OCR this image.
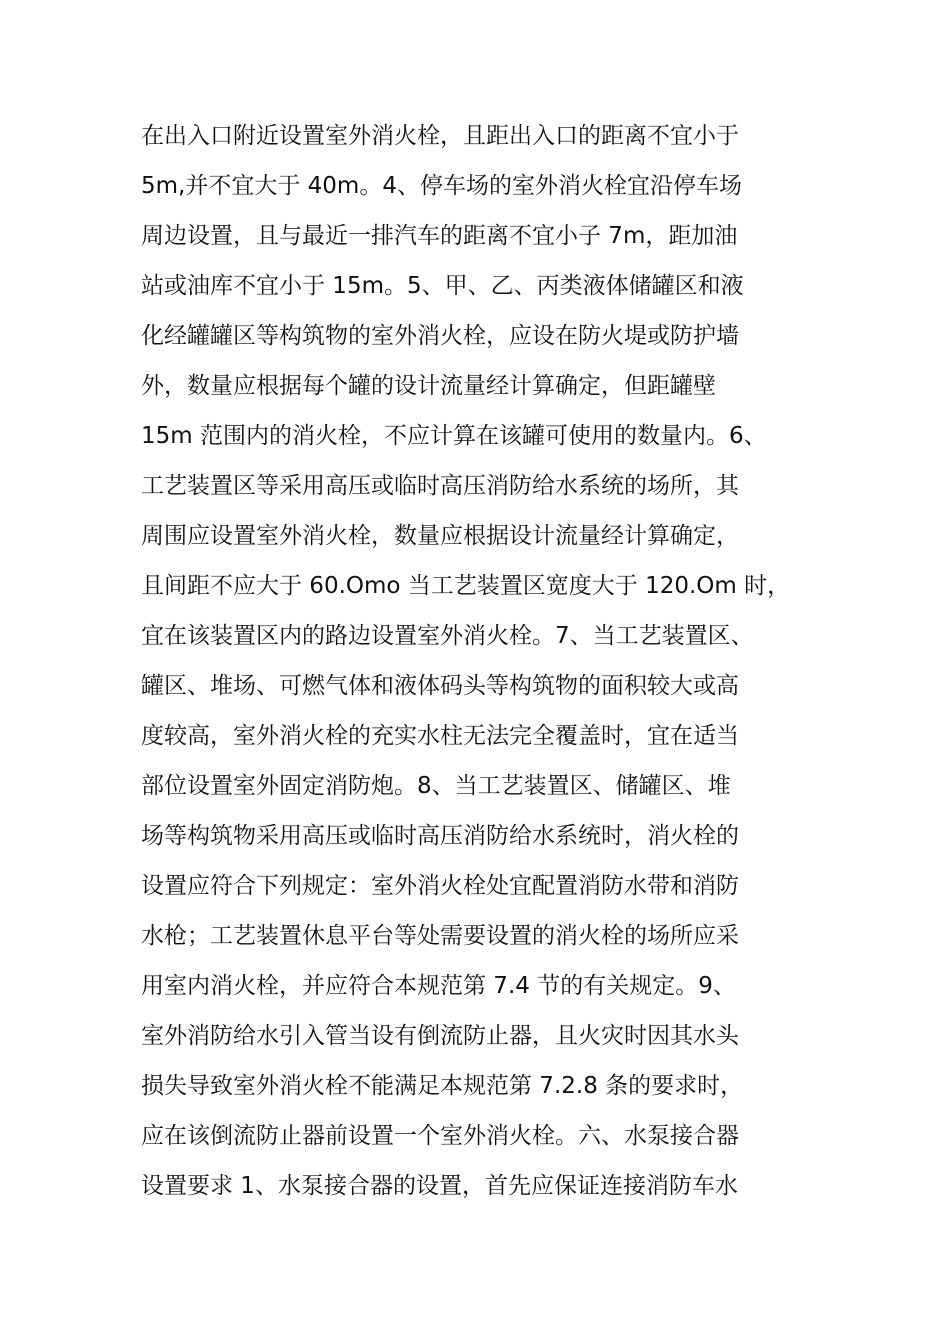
在出入口附近设置室外消火栓，且距出入口的距离不宜小于
5m,并不宜大于 40m。4、停车场的室外消火栓宜沿停车场
周边设置，且与最近一排汽车的距离不宜小子 7m，距加油
站或油库不宜小于 15m。5、甲、乙、丙类液体储罐区和液
化经罐罐区等构筑物的室外消火栓，应设在防火堤或防护墙
外，数量应根据每个罐的设计流量经计算确定，但距罐壁
15m 范围内的消火栓，不应计算在该罐可使用的数量内。6、
工艺装置区等采用高压或临时高压消防给水系统的场所，其
周围应设置室外消火栓，数量应根据设计流量经计算确定，
且间距不应大于 60.Omo 当工艺装置区宽度大于 120.Om 时，
宜在该装置区内的路边设置室外消火栓。7、当工艺装置区、
罐区、堆场、可燃气体和液体码头等构筑物的面积较大或高
度较高，室外消火栓的充实水柱无法完全覆盖时，宜在适当
部位设置室外固定消防炮。8、当工艺装置区、储罐区、堆
场等构筑物采用高压或临时高压消防给水系统时，消火栓的
设置应符合下列规定：室外消火栓处宜配置消防水带和消防
水枪；工艺装置休息平台等处需要设置的消火栓的场所应采
用室内消火栓，并应符合本规范第 7.4 节的有关规定。9、
室外消防给水引入管当设有倒流防止器，且火灾时因其水头
损失导致室外消火栓不能满足本规范第 7.2.8 条的要求时，
应在该倒流防止器前设置一个室外消火栓。六、水泵接合器
设置要求 1、水泵接合器的设置，首先应保证连接消防车水
